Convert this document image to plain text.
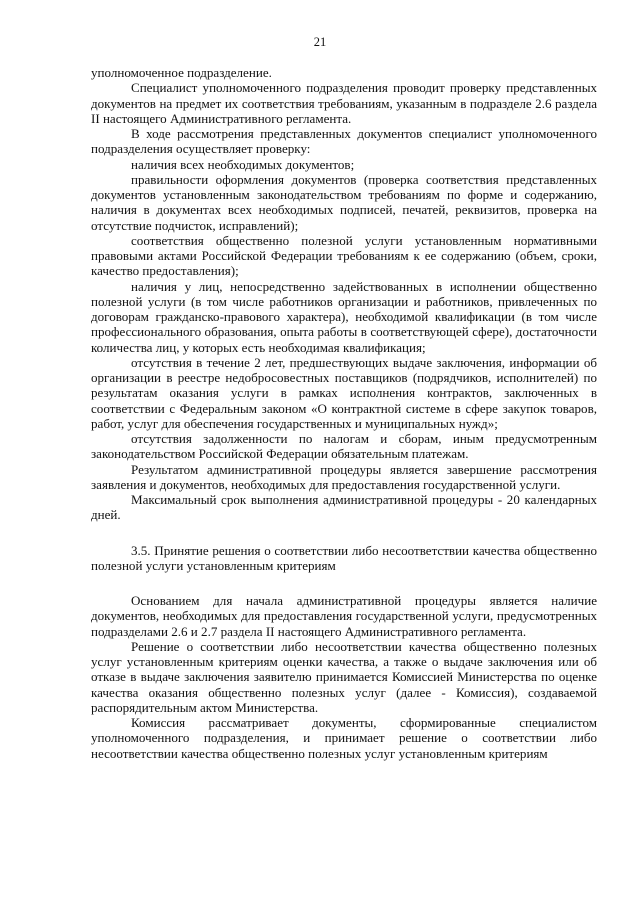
21

уполномоченное подразделение.

Специалист уполномоченного подразделения проводит проверку представленных документов на предмет их соответствия требованиям, указанным в подразделе 2.6 раздела II настоящего Административного регламента.

В ходе рассмотрения представленных документов специалист уполномоченного подразделения осуществляет проверку:

наличия всех необходимых документов;

правильности оформления документов (проверка соответствия представленных документов установленным законодательством требованиям по форме и содержанию, наличия в документах всех необходимых подписей, печатей, реквизитов, проверка на отсутствие подчисток, исправлений);

соответствия общественно полезной услуги установленным нормативными правовыми актами Российской Федерации требованиям к ее содержанию (объем, сроки, качество предоставления);

наличия у лиц, непосредственно задействованных в исполнении общественно полезной услуги (в том числе работников организации и работников, привлеченных по договорам гражданско-правового характера), необходимой квалификации (в том числе профессионального образования, опыта работы в соответствующей сфере), достаточности количества лиц, у которых есть необходимая квалификация;

отсутствия в течение 2 лет, предшествующих выдаче заключения, информации об организации в реестре недобросовестных поставщиков (подрядчиков, исполнителей) по результатам оказания услуги в рамках исполнения контрактов, заключенных в соответствии с Федеральным законом «О контрактной системе в сфере закупок товаров, работ, услуг для обеспечения государственных и муниципальных нужд»;

отсутствия задолженности по налогам и сборам, иным предусмотренным законодательством Российской Федерации обязательным платежам.

Результатом административной процедуры является завершение рассмотрения заявления и документов, необходимых для предоставления государственной услуги.

Максимальный срок выполнения административной процедуры - 20 календарных дней.

3.5. Принятие решения о соответствии либо несоответствии качества общественно полезной услуги установленным критериям

Основанием для начала административной процедуры является наличие документов, необходимых для предоставления государственной услуги, предусмотренных подразделами 2.6 и 2.7 раздела II настоящего Административного регламента.

Решение о соответствии либо несоответствии качества общественно полезных услуг установленным критериям оценки качества, а также о выдаче заключения или об отказе в выдаче заключения заявителю принимается Комиссией Министерства по оценке качества оказания общественно полезных услуг (далее - Комиссия), создаваемой распорядительным актом Министерства.

Комиссия рассматривает документы, сформированные специалистом уполномоченного подразделения, и принимает решение о соответствии либо несоответствии качества общественно полезных услуг установленным критериям
